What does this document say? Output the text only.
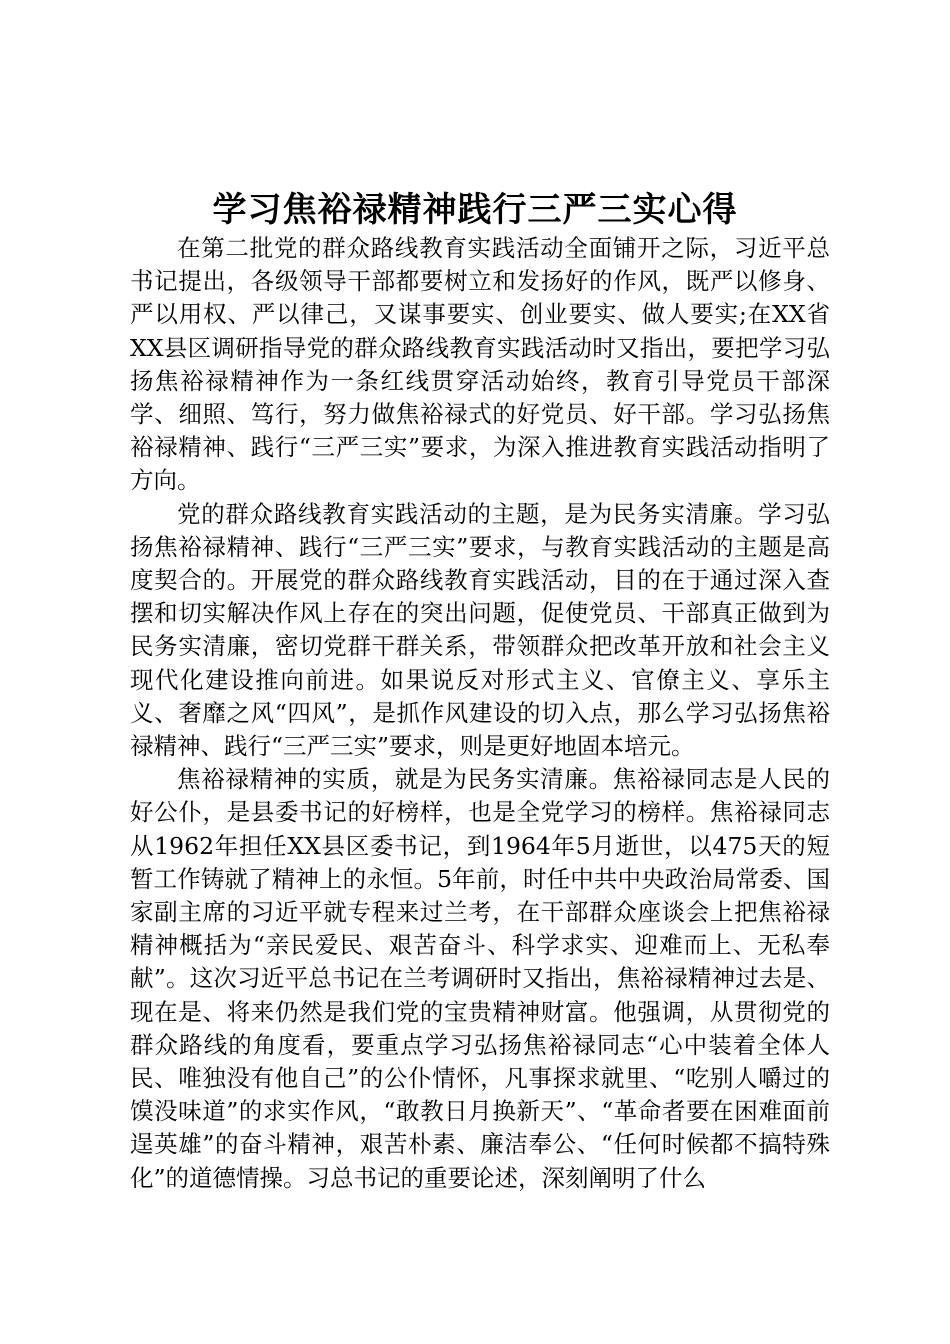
学习焦裕禄精神践行三严三实心得

在第二批党的群众路线教育实践活动全面铺开之际，习近平总书记提出，各级领导干部都要树立和发扬好的作风，既严以修身、严以用权、严以律己，又谋事要实、创业要实、做人要实;在XX省XX县区调研指导党的群众路线教育实践活动时又指出，要把学习弘扬焦裕禄精神作为一条红线贯穿活动始终，教育引导党员干部深学、细照、笃行，努力做焦裕禄式的好党员、好干部。学习弘扬焦裕禄精神、践行“三严三实”要求，为深入推进教育实践活动指明了方向。

党的群众路线教育实践活动的主题，是为民务实清廉。学习弘扬焦裕禄精神、践行“三严三实”要求，与教育实践活动的主题是高度契合的。开展党的群众路线教育实践活动，目的在于通过深入查摆和切实解决作风上存在的突出问题，促使党员、干部真正做到为民务实清廉，密切党群干群关系，带领群众把改革开放和社会主义现代化建设推向前进。如果说反对形式主义、官僚主义、享乐主义、奢靡之风“四风”，是抓作风建设的切入点，那么学习弘扬焦裕禄精神、践行“三严三实”要求，则是更好地固本培元。

焦裕禄精神的实质，就是为民务实清廉。焦裕禄同志是人民的好公仆，是县委书记的好榜样，也是全党学习的榜样。焦裕禄同志从1962年担任XX县区委书记，到1964年5月逝世，以475天的短暂工作铸就了精神上的永恒。5年前，时任中共中央政治局常委、国家副主席的习近平就专程来过兰考，在干部群众座谈会上把焦裕禄精神概括为“亲民爱民、艰苦奋斗、科学求实、迎难而上、无私奉献”。这次习近平总书记在兰考调研时又指出，焦裕禄精神过去是、现在是、将来仍然是我们党的宝贵精神财富。他强调，从贯彻党的群众路线的角度看，要重点学习弘扬焦裕禄同志“心中装着全体人民、唯独没有他自己”的公仆情怀，凡事探求就里、“吃别人嚼过的馍没味道”的求实作风，“敢教日月换新天”、“革命者要在困难面前逞英雄”的奋斗精神，艰苦朴素、廉洁奉公、“任何时候都不搞特殊化”的道德情操。习总书记的重要论述，深刻阐明了什么
